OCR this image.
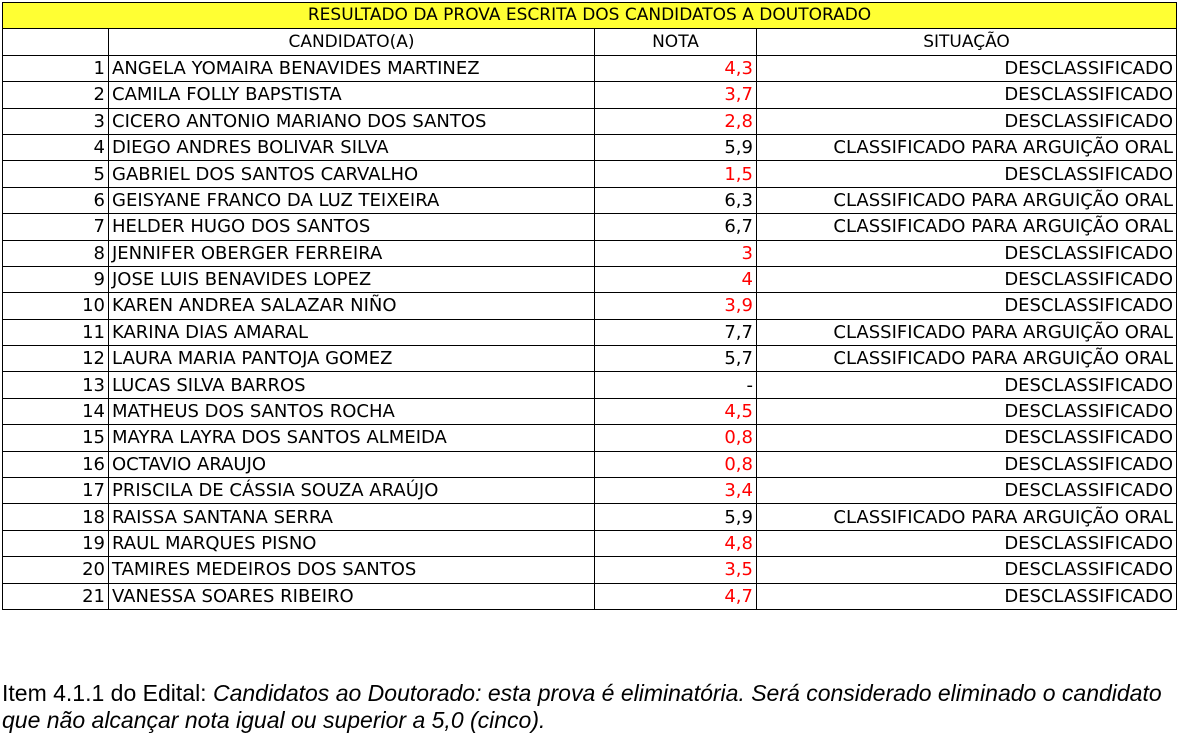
RESULTADO DA PROVA ESCRITA DOS CANDIDATOS A DOUTORADO			
	CANDIDATO(A)	NOTA	SITUAÇÃO
1	ANGELA YOMAIRA BENAVIDES MARTINEZ	4,3	DESCLASSIFICADO
2	CAMILA FOLLY BAPSTISTA	3,7	DESCLASSIFICADO
3	CICERO ANTONIO MARIANO DOS SANTOS	2,8	DESCLASSIFICADO
4	DIEGO ANDRES BOLIVAR SILVA	5,9	CLASSIFICADO PARA ARGUIÇÃO ORAL
5	GABRIEL DOS SANTOS CARVALHO	1,5	DESCLASSIFICADO
6	GEISYANE FRANCO DA LUZ TEIXEIRA	6,3	CLASSIFICADO PARA ARGUIÇÃO ORAL
7	HELDER HUGO DOS SANTOS	6,7	CLASSIFICADO PARA ARGUIÇÃO ORAL
8	JENNIFER OBERGER FERREIRA	3	DESCLASSIFICADO
9	JOSE LUIS BENAVIDES LOPEZ	4	DESCLASSIFICADO
10	KAREN ANDREA SALAZAR NIÑO	3,9	DESCLASSIFICADO
11	KARINA DIAS AMARAL	7,7	CLASSIFICADO PARA ARGUIÇÃO ORAL
12	LAURA MARIA PANTOJA GOMEZ	5,7	CLASSIFICADO PARA ARGUIÇÃO ORAL
13	LUCAS SILVA BARROS	-	DESCLASSIFICADO
14	MATHEUS DOS SANTOS ROCHA	4,5	DESCLASSIFICADO
15	MAYRA LAYRA DOS SANTOS ALMEIDA	0,8	DESCLASSIFICADO
16	OCTAVIO ARAUJO	0,8	DESCLASSIFICADO
17	PRISCILA DE CÁSSIA SOUZA ARAÚJO	3,4	DESCLASSIFICADO
18	RAISSA SANTANA SERRA	5,9	CLASSIFICADO PARA ARGUIÇÃO ORAL
19	RAUL MARQUES PISNO	4,8	DESCLASSIFICADO
20	TAMIRES MEDEIROS DOS SANTOS	3,5	DESCLASSIFICADO
21	VANESSA SOARES RIBEIRO	4,7	DESCLASSIFICADO
Item 4.1.1 do Edital: Candidatos ao Doutorado: esta prova é eliminatória. Será considerado eliminado o candidato que não alcançar nota igual ou superior a 5,0 (cinco).
